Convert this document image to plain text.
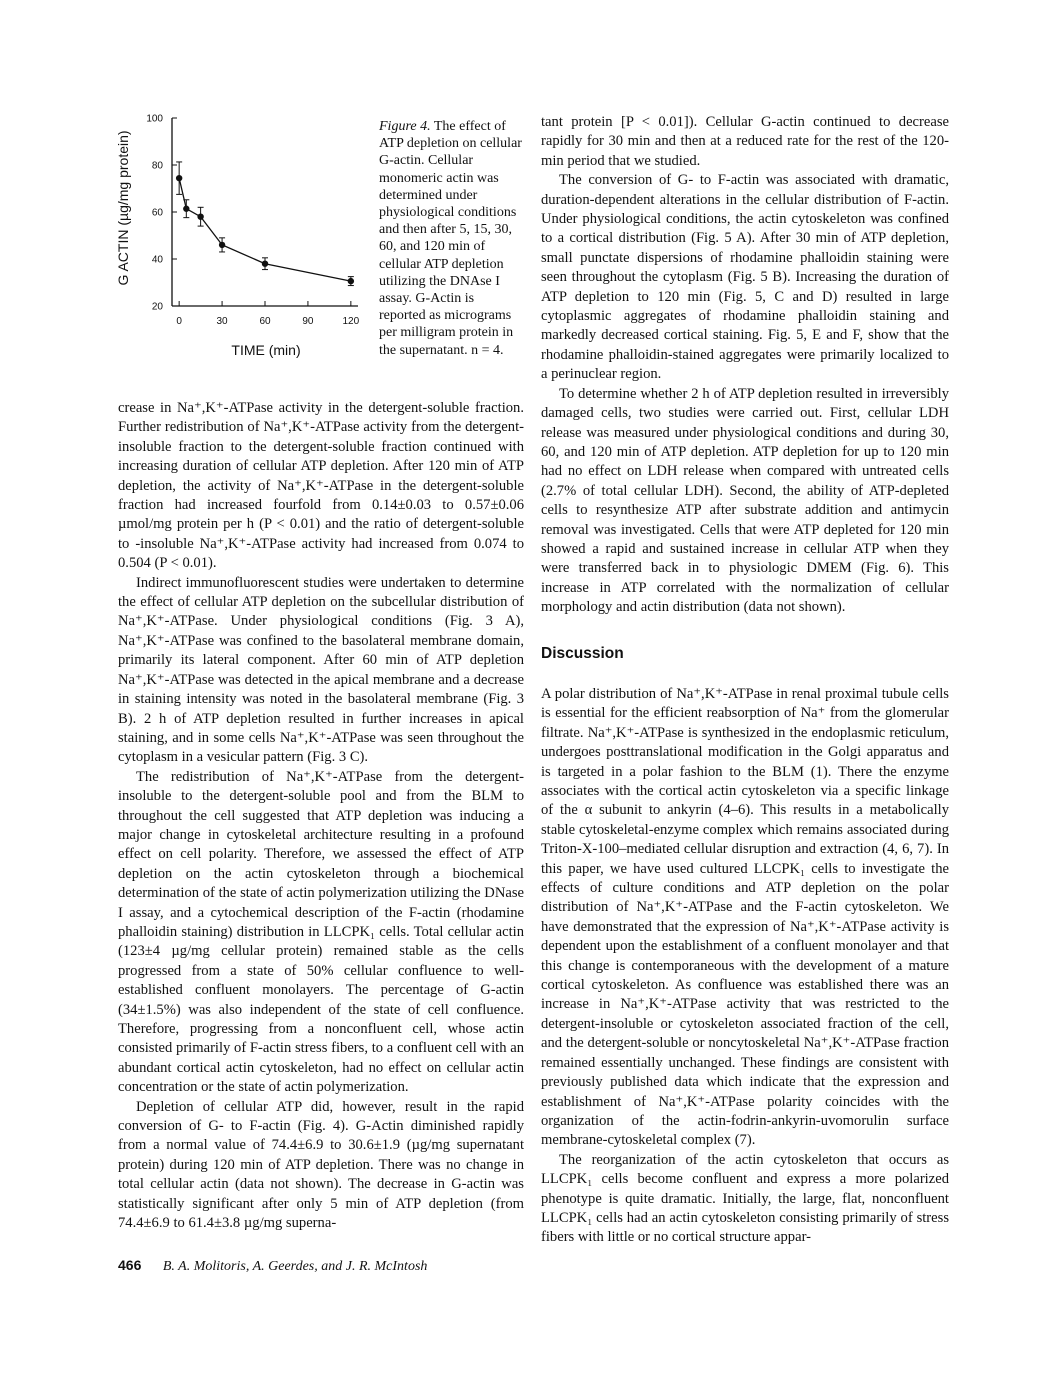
G ACTIN (µg/mg protein)
TIME (min)
20
40
60
80
100
0	30	60	90	120
Figure 4. The effect of ATP depletion on cellular G-actin. Cellular monomeric actin was determined under physiological conditions and then after 5, 15, 30, 60, and 120 min of cellular ATP depletion utilizing the DNAse I assay. G-Actin is reported as micrograms per milligram protein in the supernatant. n = 4.

crease in Na⁺,K⁺-ATPase activity in the detergent-soluble fraction. Further redistribution of Na⁺,K⁺-ATPase activity from the detergent-insoluble fraction to the detergent-soluble fraction continued with increasing duration of cellular ATP depletion. After 120 min of ATP depletion, the activity of Na⁺,K⁺-ATPase in the detergent-soluble fraction had increased fourfold from 0.14±0.03 to 0.57±0.06 µmol/mg protein per h (P < 0.01) and the ratio of detergent-soluble to -insoluble Na⁺,K⁺-ATPase activity had increased from 0.074 to 0.504 (P < 0.01).

Indirect immunofluorescent studies were undertaken to determine the effect of cellular ATP depletion on the subcellular distribution of Na⁺,K⁺-ATPase. Under physiological conditions (Fig. 3 A), Na⁺,K⁺-ATPase was confined to the basolateral membrane domain, primarily its lateral component. After 60 min of ATP depletion Na⁺,K⁺-ATPase was detected in the apical membrane and a decrease in staining intensity was noted in the basolateral membrane (Fig. 3 B). 2 h of ATP depletion resulted in further increases in apical staining, and in some cells Na⁺,K⁺-ATPase was seen throughout the cytoplasm in a vesicular pattern (Fig. 3 C).

The redistribution of Na⁺,K⁺-ATPase from the detergent-insoluble to the detergent-soluble pool and from the BLM to throughout the cell suggested that ATP depletion was inducing a major change in cytoskeletal architecture resulting in a profound effect on cell polarity. Therefore, we assessed the effect of ATP depletion on the actin cytoskeleton through a biochemical determination of the state of actin polymerization utilizing the DNase I assay, and a cytochemical description of the F-actin (rhodamine phalloidin staining) distribution in LLCPK₁ cells. Total cellular actin (123±4 µg/mg cellular protein) remained stable as the cells progressed from a state of 50% cellular confluence to well-established confluent monolayers. The percentage of G-actin (34±1.5%) was also independent of the state of cell confluence. Therefore, progressing from a nonconfluent cell, whose actin consisted primarily of F-actin stress fibers, to a confluent cell with an abundant cortical actin cytoskeleton, had no effect on cellular actin concentration or the state of actin polymerization.

Depletion of cellular ATP did, however, result in the rapid conversion of G- to F-actin (Fig. 4). G-Actin diminished rapidly from a normal value of 74.4±6.9 to 30.6±1.9 (µg/mg supernatant protein) during 120 min of ATP depletion. There was no change in total cellular actin (data not shown). The decrease in G-actin was statistically significant after only 5 min of ATP depletion (from 74.4±6.9 to 61.4±3.8 µg/mg superna-

tant protein [P < 0.01]). Cellular G-actin continued to decrease rapidly for 30 min and then at a reduced rate for the rest of the 120-min period that we studied.

The conversion of G- to F-actin was associated with dramatic, duration-dependent alterations in the cellular distribution of F-actin. Under physiological conditions, the actin cytoskeleton was confined to a cortical distribution (Fig. 5 A). After 30 min of ATP depletion, small punctate dispersions of rhodamine phalloidin staining were seen throughout the cytoplasm (Fig. 5 B). Increasing the duration of ATP depletion to 120 min (Fig. 5, C and D) resulted in large cytoplasmic aggregates of rhodamine phalloidin staining and markedly decreased cortical staining. Fig. 5, E and F, show that the rhodamine phalloidin-stained aggregates were primarily localized to a perinuclear region.

To determine whether 2 h of ATP depletion resulted in irreversibly damaged cells, two studies were carried out. First, cellular LDH release was measured under physiological conditions and during 30, 60, and 120 min of ATP depletion. ATP depletion for up to 120 min had no effect on LDH release when compared with untreated cells (2.7% of total cellular LDH). Second, the ability of ATP-depleted cells to resynthesize ATP after substrate addition and antimycin removal was investigated. Cells that were ATP depleted for 120 min showed a rapid and sustained increase in cellular ATP when they were transferred back in to physiologic DMEM (Fig. 6). This increase in ATP correlated with the normalization of cellular morphology and actin distribution (data not shown).

Discussion

A polar distribution of Na⁺,K⁺-ATPase in renal proximal tubule cells is essential for the efficient reabsorption of Na⁺ from the glomerular filtrate. Na⁺,K⁺-ATPase is synthesized in the endoplasmic reticulum, undergoes posttranslational modification in the Golgi apparatus and is targeted in a polar fashion to the BLM (1). There the enzyme associates with the cortical actin cytoskeleton via a specific linkage of the α subunit to ankyrin (4–6). This results in a metabolically stable cytoskeletal-enzyme complex which remains associated during Triton-X-100–mediated cellular disruption and extraction (4, 6, 7). In this paper, we have used cultured LLCPK₁ cells to investigate the effects of culture conditions and ATP depletion on the polar distribution of Na⁺,K⁺-ATPase and the F-actin cytoskeleton. We have demonstrated that the expression of Na⁺,K⁺-ATPase activity is dependent upon the establishment of a confluent monolayer and that this change is contemporaneous with the development of a mature cortical cytoskeleton. As confluence was established there was an increase in Na⁺,K⁺-ATPase activity that was restricted to the detergent-insoluble or cytoskeleton associated fraction of the cell, and the detergent-soluble or noncytoskeletal Na⁺,K⁺-ATPase fraction remained essentially unchanged. These findings are consistent with previously published data which indicate that the expression and establishment of Na⁺,K⁺-ATPase polarity coincides with the organization of the actin-fodrin-ankyrin-uvomorulin surface membrane-cytoskeletal complex (7).

The reorganization of the actin cytoskeleton that occurs as LLCPK₁ cells become confluent and express a more polarized phenotype is quite dramatic. Initially, the large, flat, nonconfluent LLCPK₁ cells had an actin cytoskeleton consisting primarily of stress fibers with little or no cortical structure appar-

466 B. A. Molitoris, A. Geerdes, and J. R. McIntosh
